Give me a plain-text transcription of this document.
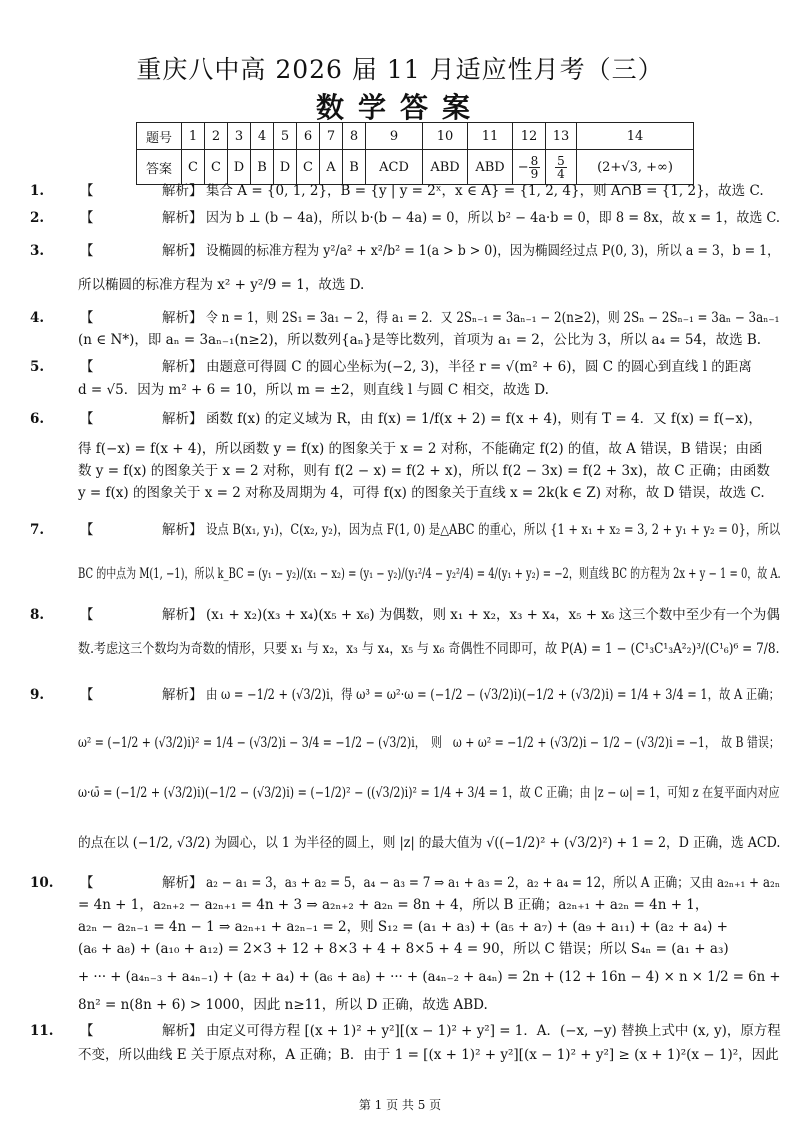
重庆八中高 2026 届 11 月适应性月考（三）
数学答案
题号	1	2	3	4	5	6	7	8	9	10	11	12	13	14
答案	C	C	D	B	D	C	A	B	ACD	ABD	ABD	− $\frac{8}{9}$	$\frac{5}{4}$	(2+√3, +∞)
1.	【	解析】 集合 A = {0, 1, 2}，B = {y | y = 2ˣ，x ∈ A} = {1, 2, 4}，则 A∩B = {1, 2}，故选 C.
2.	【	解析】 因为 b ⊥ (b − 4a)，所以 b·(b − 4a) = 0，所以 b² − 4a·b = 0，即 8 = 8x，故 x = 1，故选 C.
3.	【	解析】 设椭圆的标准方程为 y²/a² + x²/b² = 1(a > b > 0)，因为椭圆经过点 P(0, 3)，所以 a = 3，b = 1，
所以椭圆的标准方程为 x² + y²/9 = 1，故选 D.
4.	【	解析】 令 n = 1，则 2S₁ = 3a₁ − 2，得 a₁ = 2．又 2Sₙ₋₁ = 3aₙ₋₁ − 2(n≥2)，则 2Sₙ − 2Sₙ₋₁ = 3aₙ − 3aₙ₋₁
(n ∈ N*)，即 aₙ = 3aₙ₋₁(n≥2)，所以数列{aₙ}是等比数列，首项为 a₁ = 2，公比为 3，所以 a₄ = 54，故选 B.
5.	【	解析】 由题意可得圆 C 的圆心坐标为(−2, 3)，半径 r = √(m² + 6)，圆 C 的圆心到直线 l 的距离
d = √5．因为 m² + 6 = 10，所以 m = ±2，则直线 l 与圆 C 相交，故选 D.
6.	【	解析】 函数 f(x) 的定义域为 R，由 f(x) = 1/f(x + 2) = f(x + 4)，则有 T = 4．又 f(x) = f(−x)，
得 f(−x) = f(x + 4)，所以函数 y = f(x) 的图象关于 x = 2 对称，不能确定 f(2) 的值，故 A 错误，B 错误；由函
数 y = f(x) 的图象关于 x = 2 对称，则有 f(2 − x) = f(2 + x)，所以 f(2 − 3x) = f(2 + 3x)，故 C 正确；由函数
y = f(x) 的图象关于 x = 2 对称及周期为 4，可得 f(x) 的图象关于直线 x = 2k(k ∈ Z) 对称，故 D 错误，故选 C.
7.	【	解析】 设点 B(x₁, y₁)，C(x₂, y₂)，因为点 F(1, 0) 是△ABC 的重心，所以 {1 + x₁ + x₂ = 3, 2 + y₁ + y₂ = 0}，所以
BC 的中点为 M(1, −1)，所以 k_BC = (y₁ − y₂)/(x₁ − x₂) = (y₁ − y₂)/(y₁²/4 − y₂²/4) = 4/(y₁ + y₂) = −2，则直线 BC 的方程为 2x + y − 1 = 0，故 A.
8.	【	解析】 (x₁ + x₂)(x₃ + x₄)(x₅ + x₆) 为偶数，则 x₁ + x₂，x₃ + x₄，x₅ + x₆ 这三个数中至少有一个为偶
数.考虑这三个数均为奇数的情形，只要 x₁ 与 x₂，x₃ 与 x₄，x₅ 与 x₆ 奇偶性不同即可，故 P(A) = 1 − (C¹₃C¹₃A²₂)³/(C¹₆)⁶ = 7/8.
9.	【	解析】 由 ω = −1/2 + (√3/2)i，得 ω³ = ω²·ω = (−1/2 − (√3/2)i)(−1/2 + (√3/2)i) = 1/4 + 3/4 = 1，故 A 正确；
ω² = (−1/2 + (√3/2)i)² = 1/4 − (√3/2)i − 3/4 = −1/2 − (√3/2)i，　则　ω + ω² = −1/2 + (√3/2)i − 1/2 − (√3/2)i = −1，　故 B 错误；
ω·ω̄ = (−1/2 + (√3/2)i)(−1/2 − (√3/2)i) = (−1/2)² − ((√3/2)i)² = 1/4 + 3/4 = 1，故 C 正确；由 |z − ω| = 1，可知 z 在复平面内对应
的点在以 (−1/2, √3/2) 为圆心，以 1 为半径的圆上，则 |z| 的最大值为 √((−1/2)² + (√3/2)²) + 1 = 2，D 正确，选 ACD.
10. 【	解析】 a₂ − a₁ = 3，a₃ + a₂ = 5，a₄ − a₃ = 7 ⇒ a₁ + a₃ = 2，a₂ + a₄ = 12，所以 A 正确；又由 a₂ₙ₊₁ + a₂ₙ
= 4n + 1，a₂ₙ₊₂ − a₂ₙ₊₁ = 4n + 3 ⇒ a₂ₙ₊₂ + a₂ₙ = 8n + 4，所以 B 正确；a₂ₙ₊₁ + a₂ₙ = 4n + 1，
a₂ₙ − a₂ₙ₋₁ = 4n − 1 ⇒ a₂ₙ₊₁ + a₂ₙ₋₁ = 2，则 S₁₂ = (a₁ + a₃) + (a₅ + a₇) + (a₉ + a₁₁) + (a₂ + a₄) +
(a₆ + a₈) + (a₁₀ + a₁₂) = 2×3 + 12 + 8×3 + 4 + 8×5 + 4 = 90，所以 C 错误；所以 S₄ₙ = (a₁ + a₃)
+ ··· + (a₄ₙ₋₃ + a₄ₙ₋₁) + (a₂ + a₄) + (a₆ + a₈) + ··· + (a₄ₙ₋₂ + a₄ₙ) = 2n + (12 + 16n − 4) × n × 1/2 = 6n +
8n² = n(8n + 6) > 1000，因此 n≥11，所以 D 正确，故选 ABD.
11. 【	解析】 由定义可得方程 [(x + 1)² + y²][(x − 1)² + y²] = 1．A．(−x, −y) 替换上式中 (x, y)，原方程
不变，所以曲线 E 关于原点对称，A 正确；B．由于 1 = [(x + 1)² + y²][(x − 1)² + y²] ≥ (x + 1)²(x − 1)²，因此
第 1 页 共 5 页
